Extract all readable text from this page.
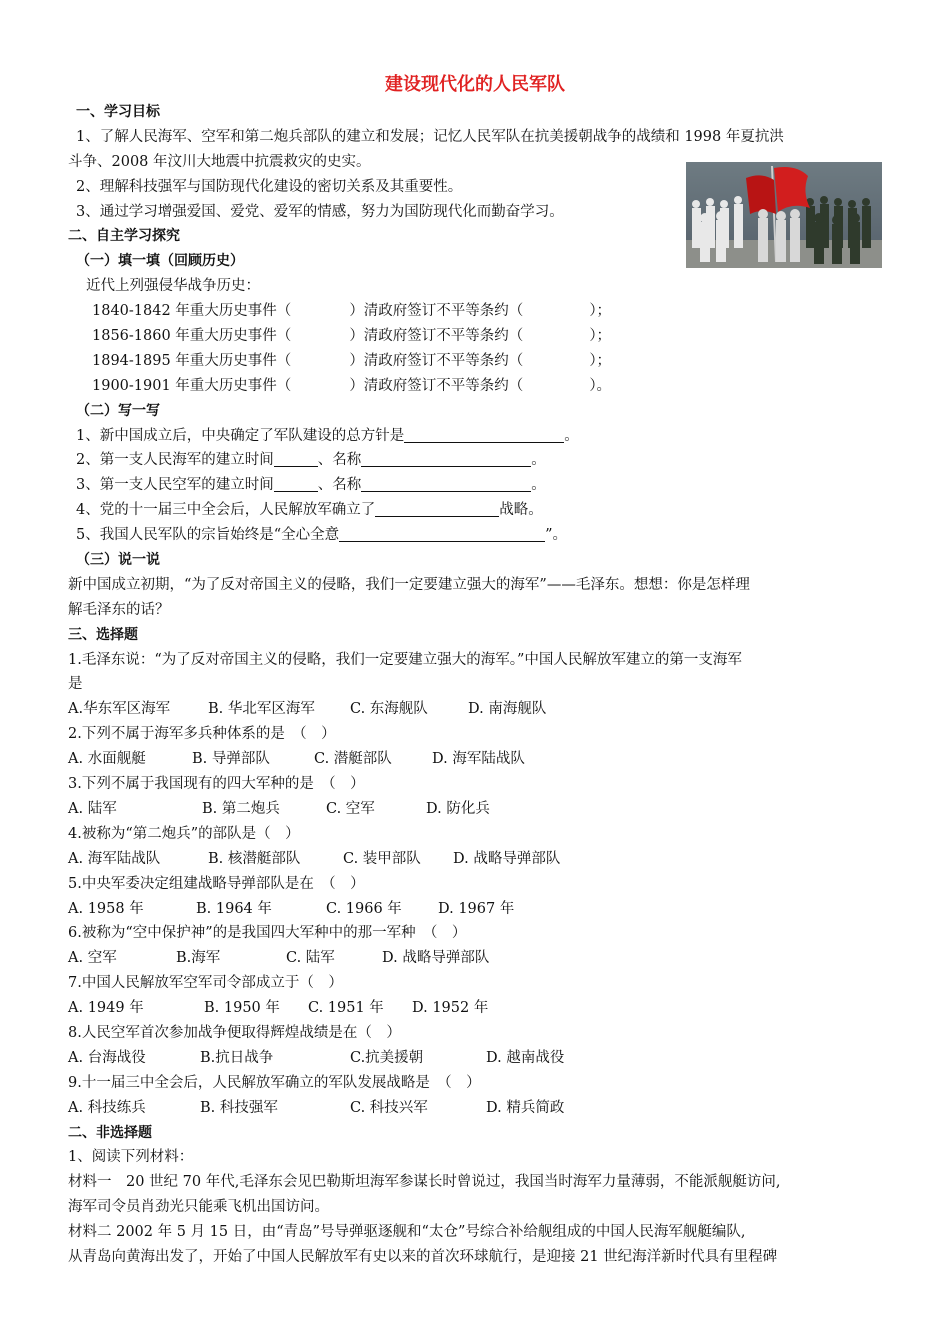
建设现代化的人民军队
一、学习目标
1、了解人民海军、空军和第二炮兵部队的建立和发展；记忆人民军队在抗美援朝战争的战绩和 1998 年夏抗洪
斗争、2008 年汶川大地震中抗震救灾的史实。
2、理解科技强军与国防现代化建设的密切关系及其重要性。
3、通过学习增强爱国、爱党、爱军的情感，努力为国防现代化而勤奋学习。
二、自主学习探究
（一）填一填（回顾历史）
近代上列强侵华战争历史：
1840-1842 年重大历史事件（	）清政府签订不平等条约（	）；
1856-1860 年重大历史事件（	）清政府签订不平等条约（	）；
1894-1895 年重大历史事件（	）清政府签订不平等条约（	）；
1900-1901 年重大历史事件（	）清政府签订不平等条约（	）。
（二）写一写
1、新中国成立后，中央确定了军队建设的总方针是	。
2、第一支人民海军的建立时间	、名称	。
3、第一支人民空军的建立时间	、名称	。
4、党的十一届三中全会后，人民解放军确立了	战略。
5、我国人民军队的宗旨始终是“全心全意	”。
（三）说一说
新中国成立初期，“为了反对帝国主义的侵略，我们一定要建立强大的海军”——毛泽东。想想：你是怎样理
解毛泽东的话？
三、选择题
1.毛泽东说：“为了反对帝国主义的侵略，我们一定要建立强大的海军。”中国人民解放军建立的第一支海军
是
A.华东军区海军	B. 华北军区海军 C. 东海舰队	D. 南海舰队
2.下列不属于海军多兵种体系的是　（　）
A. 水面舰艇	B. 导弹部队	C. 潜艇部队	D. 海军陆战队
3.下列不属于我国现有的四大军种的是　（　）
A. 陆军	B. 第二炮兵	C. 空军	D. 防化兵
4.被称为“第二炮兵”的部队是（　）
A. 海军陆战队	B. 核潜艇部队	C. 装甲部队 D. 战略导弹部队
5.中央军委决定组建战略导弹部队是在　（　）
A. 1958 年	B. 1964 年	C. 1966 年 D. 1967 年
6.被称为“空中保护神”的是我国四大军种中的那一军种　（　）
A. 空军	B.海军	C. 陆军	D. 战略导弹部队
7.中国人民解放军空军司令部成立于（　）
A. 1949 年	B. 1950 年 C. 1951 年 D. 1952 年
8.人民空军首次参加战争便取得辉煌战绩是在（　）
A. 台海战役	B.抗日战争	C.抗美援朝	D. 越南战役
9.十一届三中全会后，人民解放军确立的军队发展战略是　（　）
A. 科技练兵	B. 科技强军	C. 科技兴军	D. 精兵简政
二、非选择题
1、阅读下列材料：
材料一　20 世纪 70 年代,毛泽东会见巴勒斯坦海军参谋长时曾说过，我国当时海军力量薄弱，不能派舰艇访问,
海军司令员肖劲光只能乘飞机出国访问。
材料二 2002 年 5 月 15 日，由“青岛”号导弹驱逐舰和“太仓”号综合补给舰组成的中国人民海军舰艇编队,
从青岛向黄海出发了，开始了中国人民解放军有史以来的首次环球航行，是迎接 21 世纪海洋新时代具有里程碑
